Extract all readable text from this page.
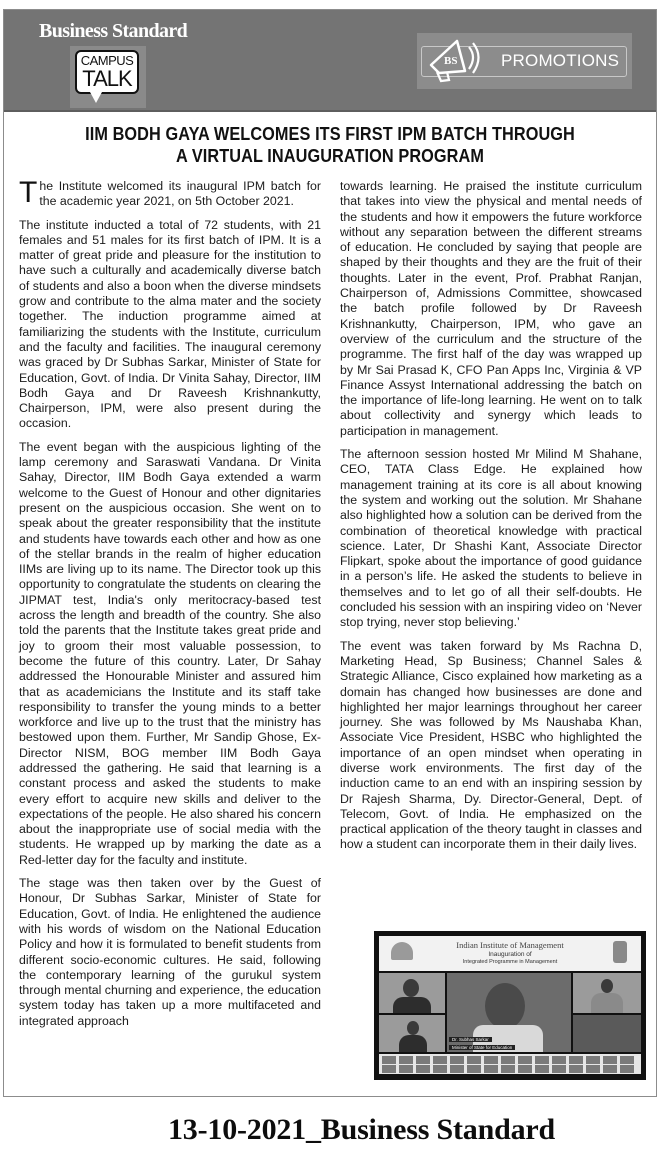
Business Standard
CAMPUS
TALK
BS	PROMOTIONS
IIM BODH GAYA WELCOMES ITS FIRST IPM BATCH THROUGH
A VIRTUAL INAUGURATION PROGRAM

The Institute welcomed its inaugural IPM batch for the academic year 2021, on 5th October 2021.

The institute inducted a total of 72 students, with 21 females and 51 males for its first batch of IPM. It is a matter of great pride and pleasure for the institution to have such a culturally and academically diverse batch of students and also a boon when the diverse mindsets grow and contribute to the alma mater and the society together. The induction programme aimed at familiarizing the students with the Institute, curriculum and the faculty and facilities. The inaugural ceremony was graced by Dr Subhas Sarkar, Minister of State for Education, Govt. of India. Dr Vinita Sahay, Director, IIM Bodh Gaya and Dr Raveesh Krishnankutty, Chairperson, IPM, were also present during the occasion.

The event began with the auspicious lighting of the lamp ceremony and Saraswati Vandana. Dr Vinita Sahay, Director, IIM Bodh Gaya extended a warm welcome to the Guest of Honour and other dignitaries present on the auspicious occasion. She went on to speak about the greater responsibility that the institute and students have towards each other and how as one of the stellar brands in the realm of higher education IIMs are living up to its name. The Director took up this opportunity to congratulate the students on clearing the JIPMAT test, India's only meritocracy-based test across the length and breadth of the country. She also told the parents that the Institute takes great pride and joy to groom their most valuable possession, to become the future of this country. Later, Dr Sahay addressed the Honourable Minister and assured him that as academicians the Institute and its staff take responsibility to transfer the young minds to a better workforce and live up to the trust that the ministry has bestowed upon them. Further, Mr Sandip Ghose, Ex-Director NISM, BOG member IIM Bodh Gaya addressed the gathering. He said that learning is a constant process and asked the students to make every effort to acquire new skills and deliver to the expectations of the people. He also shared his concern about the inappropriate use of social media with the students. He wrapped up by marking the date as a Red-letter day for the faculty and institute.

The stage was then taken over by the Guest of Honour, Dr Subhas Sarkar, Minister of State for Education, Govt. of India. He enlightened the audience with his words of wisdom on the National Education Policy and how it is formulated to benefit students from different socio-economic cultures. He said, following the contemporary learning of the gurukul system through mental churning and experience, the education system today has taken up a more multifaceted and integrated approach

towards learning. He praised the institute curriculum that takes into view the physical and mental needs of the students and how it empowers the future workforce without any separation between the different streams of education. He concluded by saying that people are shaped by their thoughts and they are the fruit of their thoughts. Later in the event, Prof. Prabhat Ranjan, Chairperson of, Admissions Committee, showcased the batch profile followed by Dr Raveesh Krishnankutty, Chairperson, IPM, who gave an overview of the curriculum and the structure of the programme. The first half of the day was wrapped up by Mr Sai Prasad K, CFO Pan Apps Inc, Virginia & VP Finance Assyst International addressing the batch on the importance of life-long learning. He went on to talk about collectivity and synergy which leads to participation in management.

The afternoon session hosted Mr Milind M Shahane, CEO, TATA Class Edge. He explained how management training at its core is all about knowing the system and working out the solution. Mr Shahane also highlighted how a solution can be derived from the combination of theoretical knowledge with practical science. Later, Dr Shashi Kant, Associate Director Flipkart, spoke about the importance of good guidance in a person’s life. He asked the students to believe in themselves and to let go of all their self-doubts. He concluded his session with an inspiring video on ‘Never stop trying, never stop believing.’

The event was taken forward by Ms Rachna D, Marketing Head, Sp Business; Channel Sales & Strategic Alliance, Cisco explained how marketing as a domain has changed how businesses are done and highlighted her major learnings throughout her career journey. She was followed by Ms Naushaba Khan, Associate Vice President, HSBC who highlighted the importance of an open mindset when operating in diverse work environments. The first day of the induction came to an end with an inspiring session by Dr Rajesh Sharma, Dy. Director-General, Dept. of Telecom, Govt. of India. He emphasized on the practical application of the theory taught in classes and how a student can incorporate them in their daily lives.

Indian Institute of Management
Inauguration of
Integrated Programme in Management
Dr. Subhas Sarkar
Minister of State for Education
13-10-2021_Business Standard
